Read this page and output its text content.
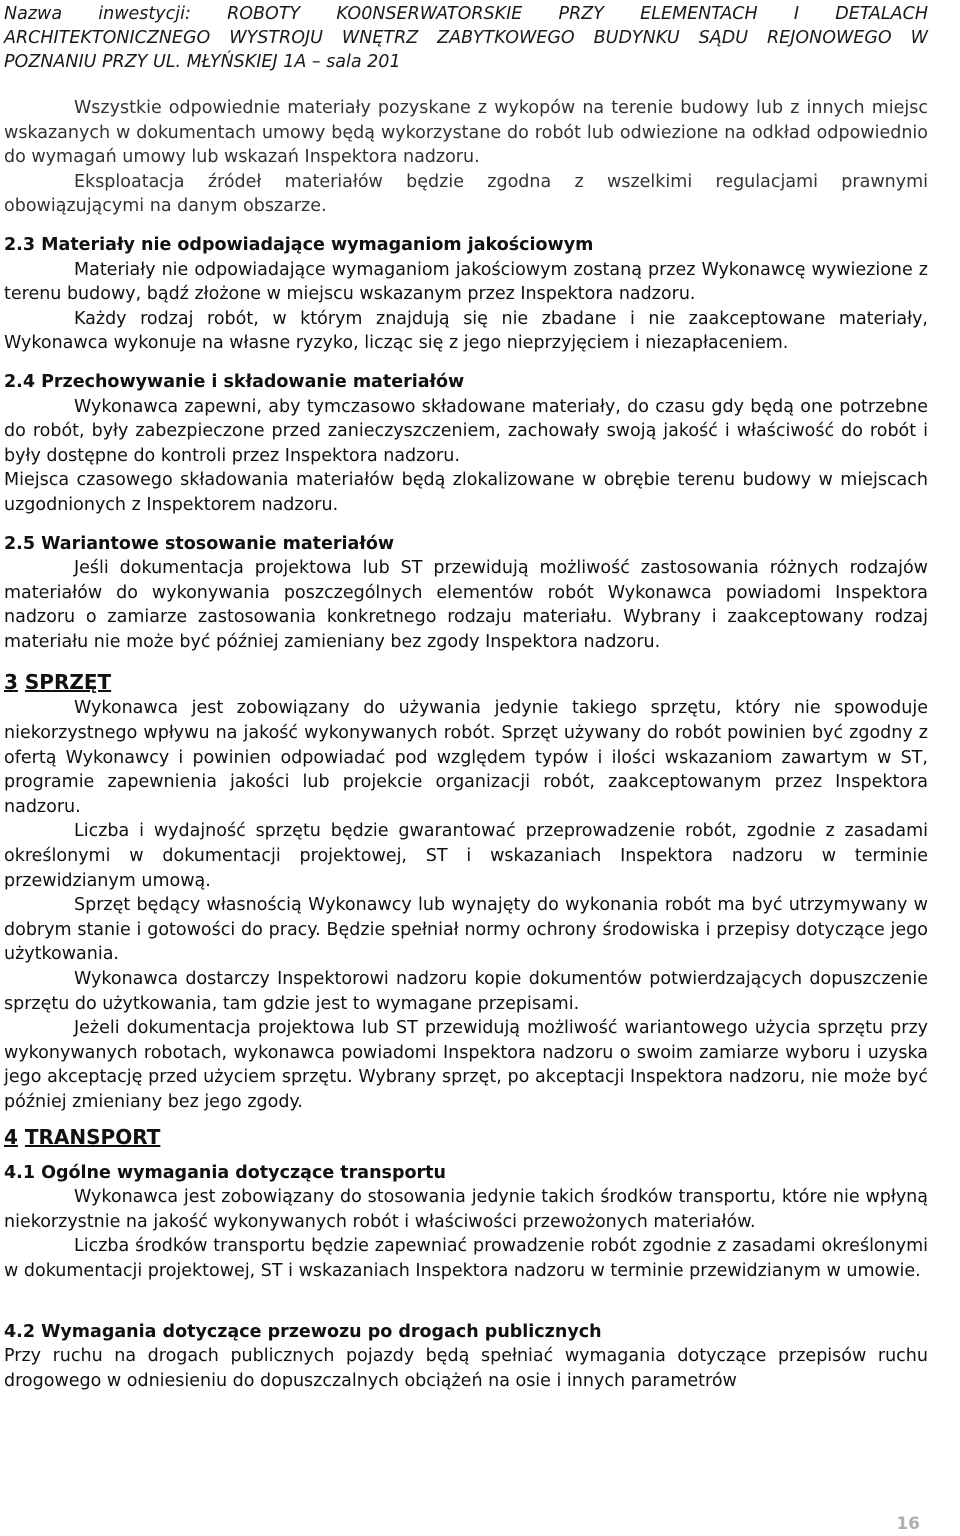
Nazwa inwestycji: ROBOTY KO0NSERWATORSKIE PRZY ELEMENTACH I DETALACH
ARCHITEKTONICZNEGO WYSTROJU WNĘTRZ ZABYTKOWEGO BUDYNKU SĄDU REJONOWEGO W
POZNANIU PRZY UL. MŁYŃSKIEJ 1A – sala 201

Wszystkie odpowiednie materiały pozyskane z wykopów na terenie budowy lub z innych miejsc wskazanych w dokumentach umowy będą wykorzystane do robót lub odwiezione na odkład odpowiednio do wymagań umowy lub wskazań Inspektora nadzoru.

Eksploatacja źródeł materiałów będzie zgodna z wszelkimi regulacjami prawnymi obowiązującymi na danym obszarze.

2.3 Materiały nie odpowiadające wymaganiom jakościowym

Materiały nie odpowiadające wymaganiom jakościowym zostaną przez Wykonawcę wywiezione z terenu budowy, bądź złożone w miejscu wskazanym przez Inspektora nadzoru.

Każdy rodzaj robót, w którym znajdują się nie zbadane i nie zaakceptowane materiały, Wykonawca wykonuje na własne ryzyko, licząc się z jego nieprzyjęciem i niezapłaceniem.

2.4 Przechowywanie i składowanie materiałów

Wykonawca zapewni, aby tymczasowo składowane materiały, do czasu gdy będą one potrzebne do robót, były zabezpieczone przed zanieczyszczeniem, zachowały swoją jakość i właściwość do robót i były dostępne do kontroli przez Inspektora nadzoru.

Miejsca czasowego składowania materiałów będą zlokalizowane w obrębie terenu budowy w miejscach uzgodnionych z Inspektorem nadzoru.

2.5 Wariantowe stosowanie materiałów

Jeśli dokumentacja projektowa lub ST przewidują możliwość zastosowania różnych rodzajów materiałów do wykonywania poszczególnych elementów robót Wykonawca powiadomi Inspektora nadzoru o zamiarze zastosowania konkretnego rodzaju materiału. Wybrany i zaakceptowany rodzaj materiału nie może być później zamieniany bez zgody Inspektora nadzoru.

3 SPRZĘT

Wykonawca jest zobowiązany do używania jedynie takiego sprzętu, który nie spowoduje niekorzystnego wpływu na jakość wykonywanych robót. Sprzęt używany do robót powinien być zgodny z ofertą Wykonawcy i powinien odpowiadać pod względem typów i ilości wskazaniom zawartym w ST, programie zapewnienia jakości lub projekcie organizacji robót, zaakceptowanym przez Inspektora nadzoru.

Liczba i wydajność sprzętu będzie gwarantować przeprowadzenie robót, zgodnie z zasadami określonymi w dokumentacji projektowej, ST i wskazaniach Inspektora nadzoru w terminie przewidzianym umową.

Sprzęt będący własnością Wykonawcy lub wynajęty do wykonania robót ma być utrzymywany w dobrym stanie i gotowości do pracy. Będzie spełniał normy ochrony środowiska i przepisy dotyczące jego użytkowania.

Wykonawca dostarczy Inspektorowi nadzoru kopie dokumentów potwierdzających dopuszczenie sprzętu do użytkowania, tam gdzie jest to wymagane przepisami.

Jeżeli dokumentacja projektowa lub ST przewidują możliwość wariantowego użycia sprzętu przy wykonywanych robotach, wykonawca powiadomi Inspektora nadzoru o swoim zamiarze wyboru i uzyska jego akceptację przed użyciem sprzętu. Wybrany sprzęt, po akceptacji Inspektora nadzoru, nie może być później zmieniany bez jego zgody.

4 TRANSPORT
4.1 Ogólne wymagania dotyczące transportu

Wykonawca jest zobowiązany do stosowania jedynie takich środków transportu, które nie wpłyną niekorzystnie na jakość wykonywanych robót i właściwości przewożonych materiałów.

Liczba środków transportu będzie zapewniać prowadzenie robót zgodnie z zasadami określonymi w dokumentacji projektowej, ST i wskazaniach Inspektora nadzoru w terminie przewidzianym w umowie.

4.2 Wymagania dotyczące przewozu po drogach publicznych

Przy ruchu na drogach publicznych pojazdy będą spełniać wymagania dotyczące przepisów ruchu drogowego w odniesieniu do dopuszczalnych obciążeń na osie i innych parametrów

16
